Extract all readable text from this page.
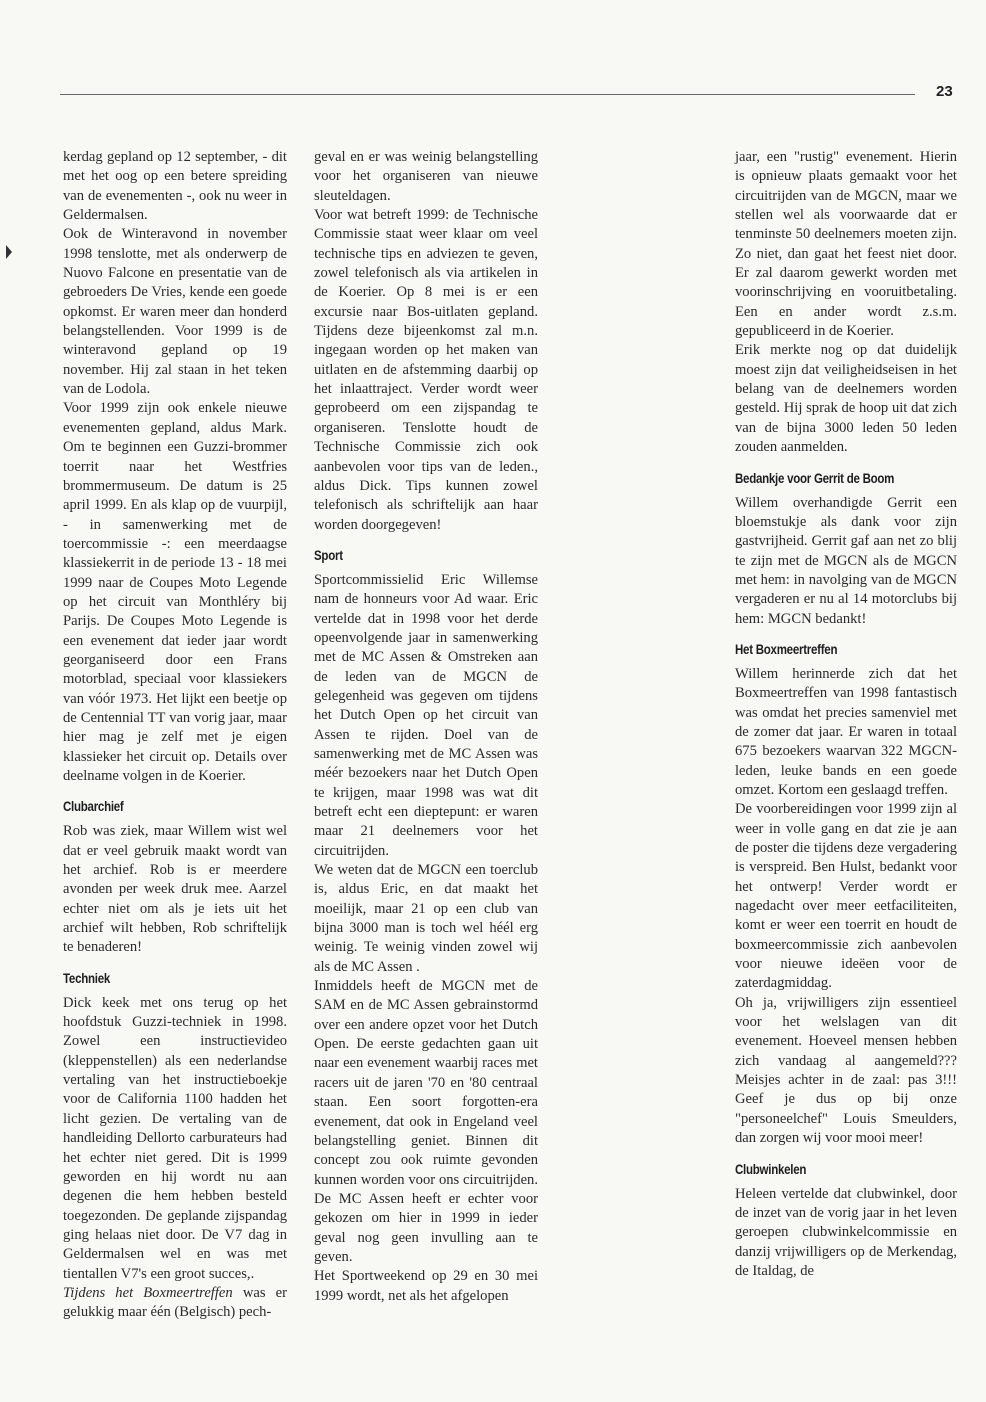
23

kerdag gepland op 12 september, - dit met het oog op een betere spreiding van de evenementen -, ook nu weer in Geldermalsen.

Ook de Winteravond in november 1998 tenslotte, met als onderwerp de Nuovo Falcone en presentatie van de gebroeders De Vries, kende een goede opkomst. Er waren meer dan honderd belangstellenden. Voor 1999 is de winteravond gepland op 19 november. Hij zal staan in het teken van de Lodola.

Voor 1999 zijn ook enkele nieuwe evenementen gepland, aldus Mark. Om te beginnen een Guzzi-brommer toerrit naar het Westfries brommermuseum. De datum is 25 april 1999. En als klap op de vuurpijl, - in samenwerking met de toercommissie -: een meerdaagse klassiekerrit in de periode 13 - 18 mei 1999 naar de Coupes Moto Legende op het circuit van Monthléry bij Parijs. De Coupes Moto Legende is een evenement dat ieder jaar wordt georganiseerd door een Frans motorblad, speciaal voor klassiekers van vóór 1973. Het lijkt een beetje op de Centennial TT van vorig jaar, maar hier mag je zelf met je eigen klassieker het circuit op. Details over deelname volgen in de Koerier.

Clubarchief

Rob was ziek, maar Willem wist wel dat er veel gebruik maakt wordt van het archief. Rob is er meerdere avonden per week druk mee. Aarzel echter niet om als je iets uit het archief wilt hebben, Rob schriftelijk te benaderen!

Techniek

Dick keek met ons terug op het hoofdstuk Guzzi-techniek in 1998. Zowel een instructievideo (kleppenstellen) als een nederlandse vertaling van het instructieboekje voor de California 1100 hadden het licht gezien. De vertaling van de handleiding Dellorto carburateurs had het echter niet gered. Dit is 1999 geworden en hij wordt nu aan degenen die hem hebben besteld toegezonden. De geplande zijspandag ging helaas niet door. De V7 dag in Geldermalsen wel en was met tientallen V7's een groot succes,.

Tijdens het Boxmeertreffen was er gelukkig maar één (Belgisch) pech-

geval en er was weinig belangstelling voor het organiseren van nieuwe sleuteldagen.

Voor wat betreft 1999: de Technische Commissie staat weer klaar om veel technische tips en adviezen te geven, zowel telefonisch als via artikelen in de Koerier. Op 8 mei is er een excursie naar Bos-uitlaten gepland. Tijdens deze bijeenkomst zal m.n. ingegaan worden op het maken van uitlaten en de afstemming daarbij op het inlaattraject. Verder wordt weer geprobeerd om een zijspandag te organiseren. Tenslotte houdt de Technische Commissie zich ook aanbevolen voor tips van de leden., aldus Dick. Tips kunnen zowel telefonisch als schriftelijk aan haar worden doorgegeven!

Sport

Sportcommissielid Eric Willemse nam de honneurs voor Ad waar. Eric vertelde dat in 1998 voor het derde opeenvolgende jaar in samenwerking met de MC Assen & Omstreken aan de leden van de MGCN de gelegenheid was gegeven om tijdens het Dutch Open op het circuit van Assen te rijden. Doel van de samenwerking met de MC Assen was méér bezoekers naar het Dutch Open te krijgen, maar 1998 was wat dit betreft echt een dieptepunt: er waren maar 21 deelnemers voor het circuitrijden.

We weten dat de MGCN een toerclub is, aldus Eric, en dat maakt het moeilijk, maar 21 op een club van bijna 3000 man is toch wel héél erg weinig. Te weinig vinden zowel wij als de MC Assen .

Inmiddels heeft de MGCN met de SAM en de MC Assen gebrainstormd over een andere opzet voor het Dutch Open. De eerste gedachten gaan uit naar een evenement waarbij races met racers uit de jaren '70 en '80 centraal staan. Een soort forgotten-era evenement, dat ook in Engeland veel belangstelling geniet. Binnen dit concept zou ook ruimte gevonden kunnen worden voor ons circuitrijden. De MC Assen heeft er echter voor gekozen om hier in 1999 in ieder geval nog geen invulling aan te geven.

Het Sportweekend op 29 en 30 mei 1999 wordt, net als het afgelopen

jaar, een "rustig" evenement. Hierin is opnieuw plaats gemaakt voor het circuitrijden van de MGCN, maar we stellen wel als voorwaarde dat er tenminste 50 deelnemers moeten zijn. Zo niet, dan gaat het feest niet door. Er zal daarom gewerkt worden met voorinschrijving en vooruitbetaling. Een en ander wordt z.s.m. gepubliceerd in de Koerier.

Erik merkte nog op dat duidelijk moest zijn dat veiligheidseisen in het belang van de deelnemers worden gesteld. Hij sprak de hoop uit dat zich van de bijna 3000 leden 50 leden zouden aanmelden.

Bedankje voor Gerrit de Boom

Willem overhandigde Gerrit een bloemstukje als dank voor zijn gastvrijheid. Gerrit gaf aan net zo blij te zijn met de MGCN als de MGCN met hem: in navolging van de MGCN vergaderen er nu al 14 motorclubs bij hem: MGCN bedankt!

Het Boxmeertreffen

Willem herinnerde zich dat het Boxmeertreffen van 1998 fantastisch was omdat het precies samenviel met de zomer dat jaar. Er waren in totaal 675 bezoekers waarvan 322 MGCN-leden, leuke bands en een goede omzet. Kortom een geslaagd treffen.

De voorbereidingen voor 1999 zijn al weer in volle gang en dat zie je aan de poster die tijdens deze vergadering is verspreid. Ben Hulst, bedankt voor het ontwerp! Verder wordt er nagedacht over meer eetfaciliteiten, komt er weer een toerrit en houdt de boxmeercommissie zich aanbevolen voor nieuwe ideëen voor de zaterdagmiddag.

Oh ja, vrijwilligers zijn essentieel voor het welslagen van dit evenement. Hoeveel mensen hebben zich vandaag al aangemeld??? Meisjes achter in de zaal: pas 3!!! Geef je dus op bij onze "personeelchef" Louis Smeulders, dan zorgen wij voor mooi meer!

Clubwinkelen

Heleen vertelde dat clubwinkel, door de inzet van de vorig jaar in het leven geroepen clubwinkelcommissie en danzij vrijwilligers op de Merkendag, de Italdag, de
